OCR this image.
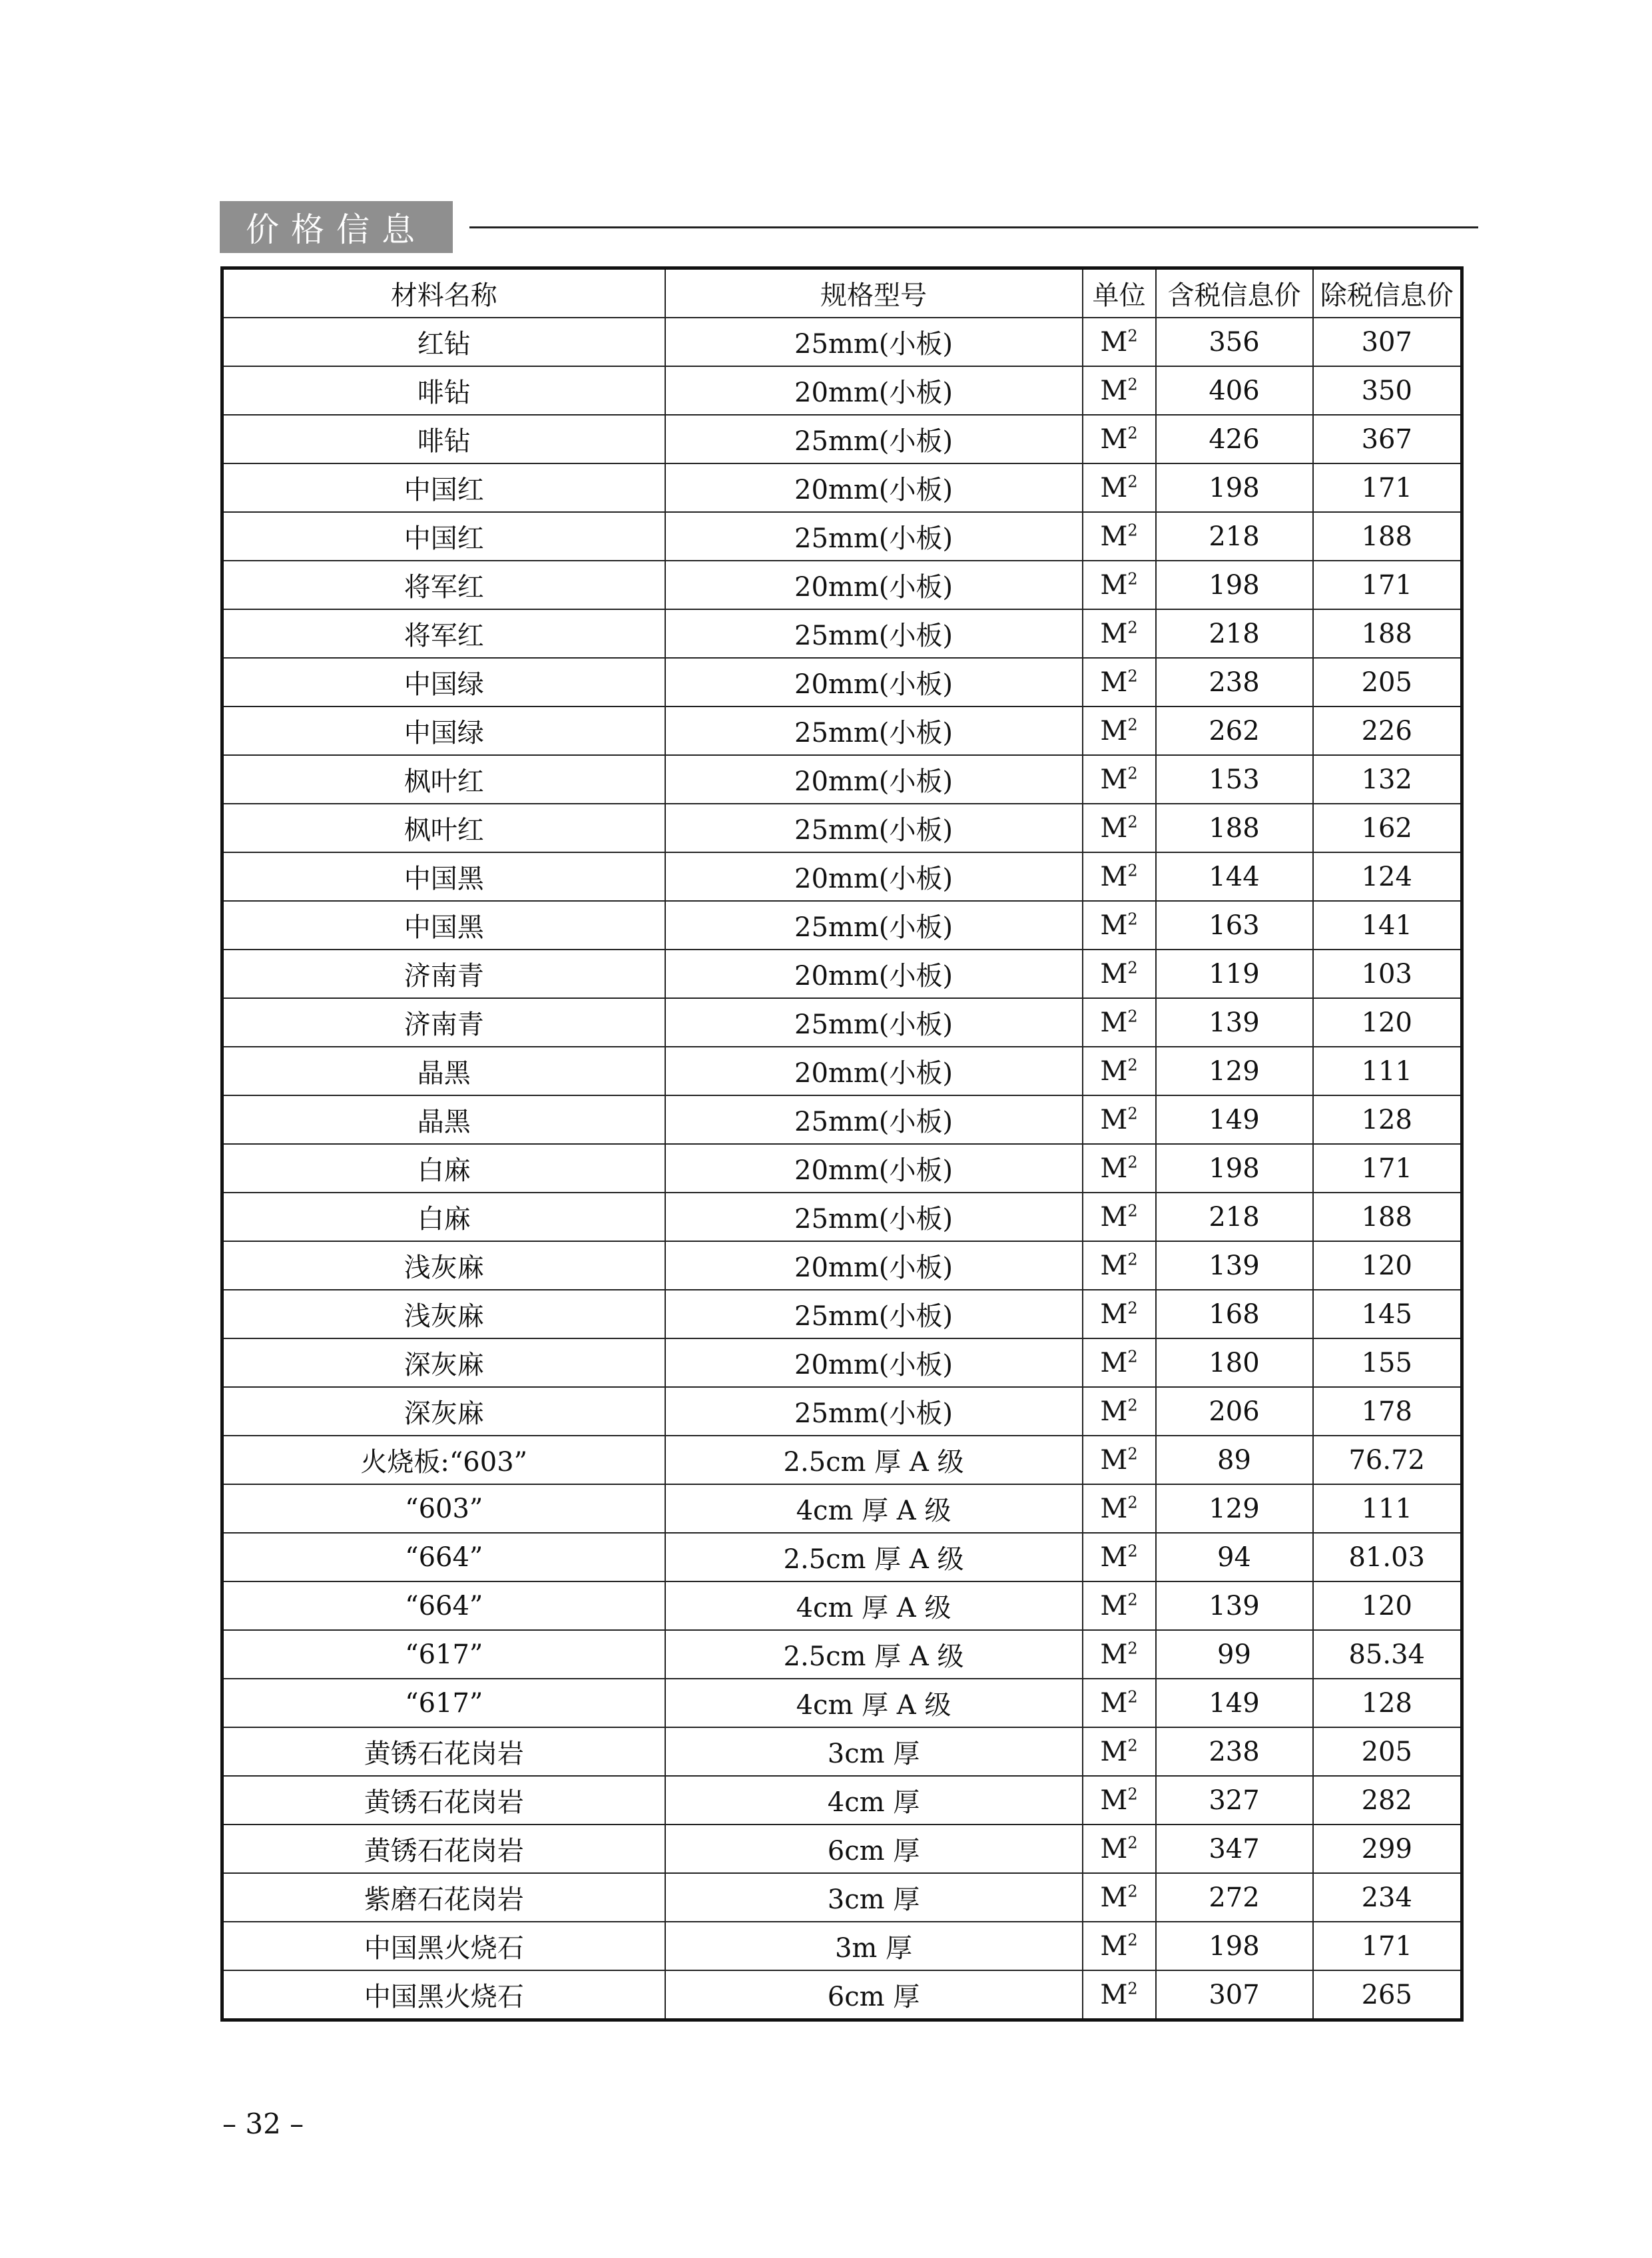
价格信息
材料名称	规格型号	单位	含税信息价	除税信息价
红钻	25mm(小板)	$M^2$	356	307
啡钻	20mm(小板)	$M^2$	406	350
啡钻	25mm(小板)	$M^2$	426	367
中国红	20mm(小板)	$M^2$	198	171
中国红	25mm(小板)	$M^2$	218	188
将军红	20mm(小板)	$M^2$	198	171
将军红	25mm(小板)	$M^2$	218	188
中国绿	20mm(小板)	$M^2$	238	205
中国绿	25mm(小板)	$M^2$	262	226
枫叶红	20mm(小板)	$M^2$	153	132
枫叶红	25mm(小板)	$M^2$	188	162
中国黑	20mm(小板)	$M^2$	144	124
中国黑	25mm(小板)	$M^2$	163	141
济南青	20mm(小板)	$M^2$	119	103
济南青	25mm(小板)	$M^2$	139	120
晶黑	20mm(小板)	$M^2$	129	111
晶黑	25mm(小板)	$M^2$	149	128
白麻	20mm(小板)	$M^2$	198	171
白麻	25mm(小板)	$M^2$	218	188
浅灰麻	20mm(小板)	$M^2$	139	120
浅灰麻	25mm(小板)	$M^2$	168	145
深灰麻	20mm(小板)	$M^2$	180	155
深灰麻	25mm(小板)	$M^2$	206	178
火烧板:“603”	2.5cm 厚 A 级	$M^2$	89	76.72
“603”	4cm 厚 A 级	$M^2$	129	111
“664”	2.5cm 厚 A 级	$M^2$	94	81.03
“664”	4cm 厚 A 级	$M^2$	139	120
“617”	2.5cm 厚 A 级	$M^2$	99	85.34
“617”	4cm 厚 A 级	$M^2$	149	128
黄锈石花岗岩	3cm 厚	$M^2$	238	205
黄锈石花岗岩	4cm 厚	$M^2$	327	282
黄锈石花岗岩	6cm 厚	$M^2$	347	299
紫磨石花岗岩	3cm 厚	$M^2$	272	234
中国黑火烧石	3m 厚	$M^2$	198	171
中国黑火烧石	6cm 厚	$M^2$	307	265
– 32 –
